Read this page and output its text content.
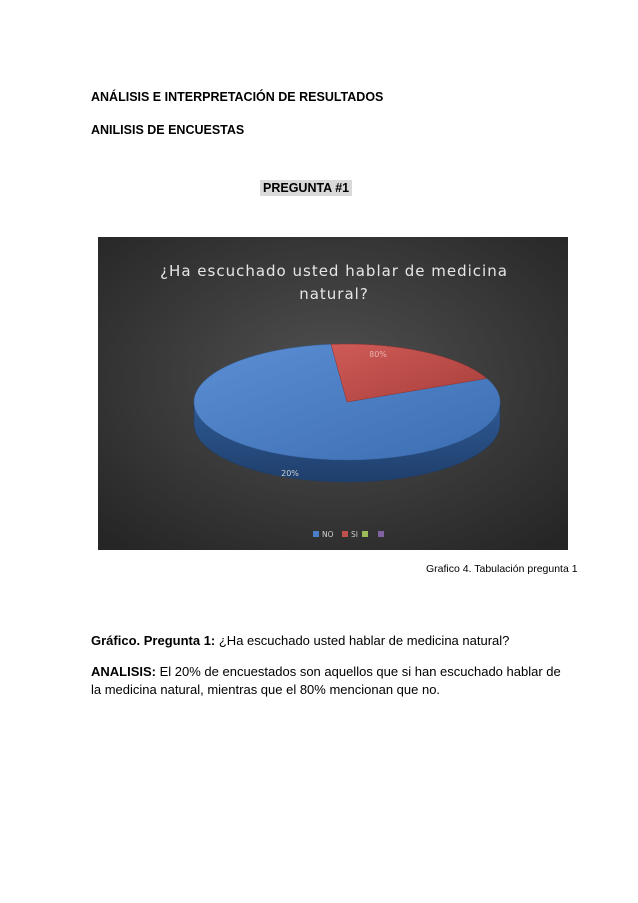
ANÁLISIS E INTERPRETACIÓN DE RESULTADOS
ANILISIS DE ENCUESTAS
PREGUNTA #1
¿Ha escuchado usted hablar de medicina
natural?
20%
80%
NO SI
Grafico 4. Tabulación pregunta 1
Gráfico. Pregunta 1: ¿Ha escuchado usted hablar de medicina natural?
ANALISIS: El 20% de encuestados son aquellos que si han escuchado hablar de la medicina natural, mientras que el 80% mencionan que no.
